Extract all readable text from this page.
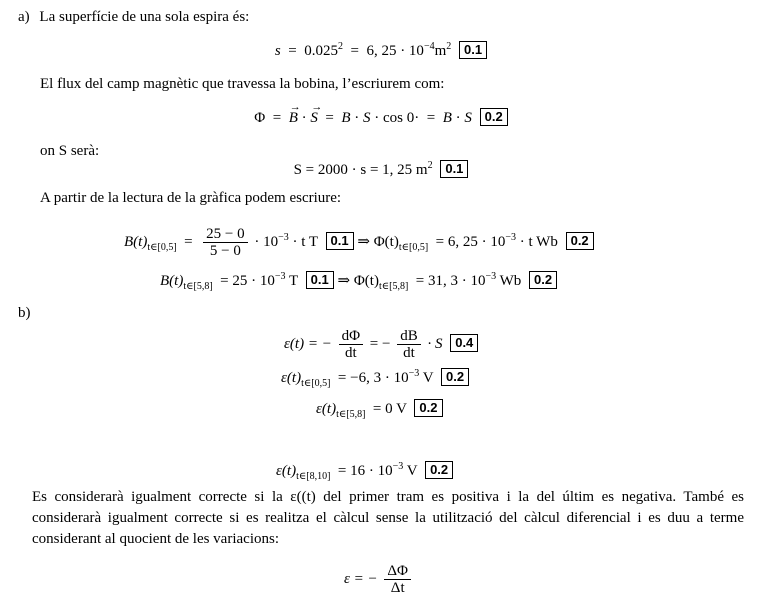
a) La superfície de una sola espira és:
s  =  0.025$^2$  =  6, $25 \cdot 10^{-4}m^2$ 0.1
El flux del camp magnètic que travessa la bobina, l’escriurem com:
Φ  =  → B · → S  =  B · S · cos 0·  =  B · S 0.2
on S serà:
S = 2000 · s = 1, 25 $m^2$ 0.1
A partir de la lectura de la gràfica podem escriure:
$B(t)_{t\in[0,5]} = \frac{25 - 0}{5 - 0} \cdot 10^{-3} \cdot t$ T 0.1 ⇒ $\Phi(t)_{t\in[0,5]} = 6$, $25 \cdot 10^{-3} \cdot t$ Wb 0.2
$B(t)_{t\in[5,8]} = 25 \cdot 10^{-3}$ T 0.1 ⇒ $\Phi(t)_{t\in[5,8]} = 31$, $3 \cdot 10^{-3}$ Wb 0.2
b)
ε(t) = − $\frac{d\Phi}{dt}$ = − $\frac{dB}{dt} \cdot S$ 0.4
$\varepsilon(t)_{t\in[0,5]} = -6$, $3 \cdot 10^{-3}$ V 0.2
$\varepsilon(t)_{t\in[5,8]} = 0$ V 0.2
$\varepsilon(t)_{t\in[8,10]} = 16 \cdot 10^{-3}$ V 0.2
Es considerarà igualment correcte si la ε((t) del primer tram es positiva i la del últim es negativa. També es considerarà igualment correcte si es realitza el càlcul sense la utilització del càlcul diferencial i es duu a terme considerant al quocient de les variacions:
ε = − $\frac{\Delta\Phi}{\Delta t}$
